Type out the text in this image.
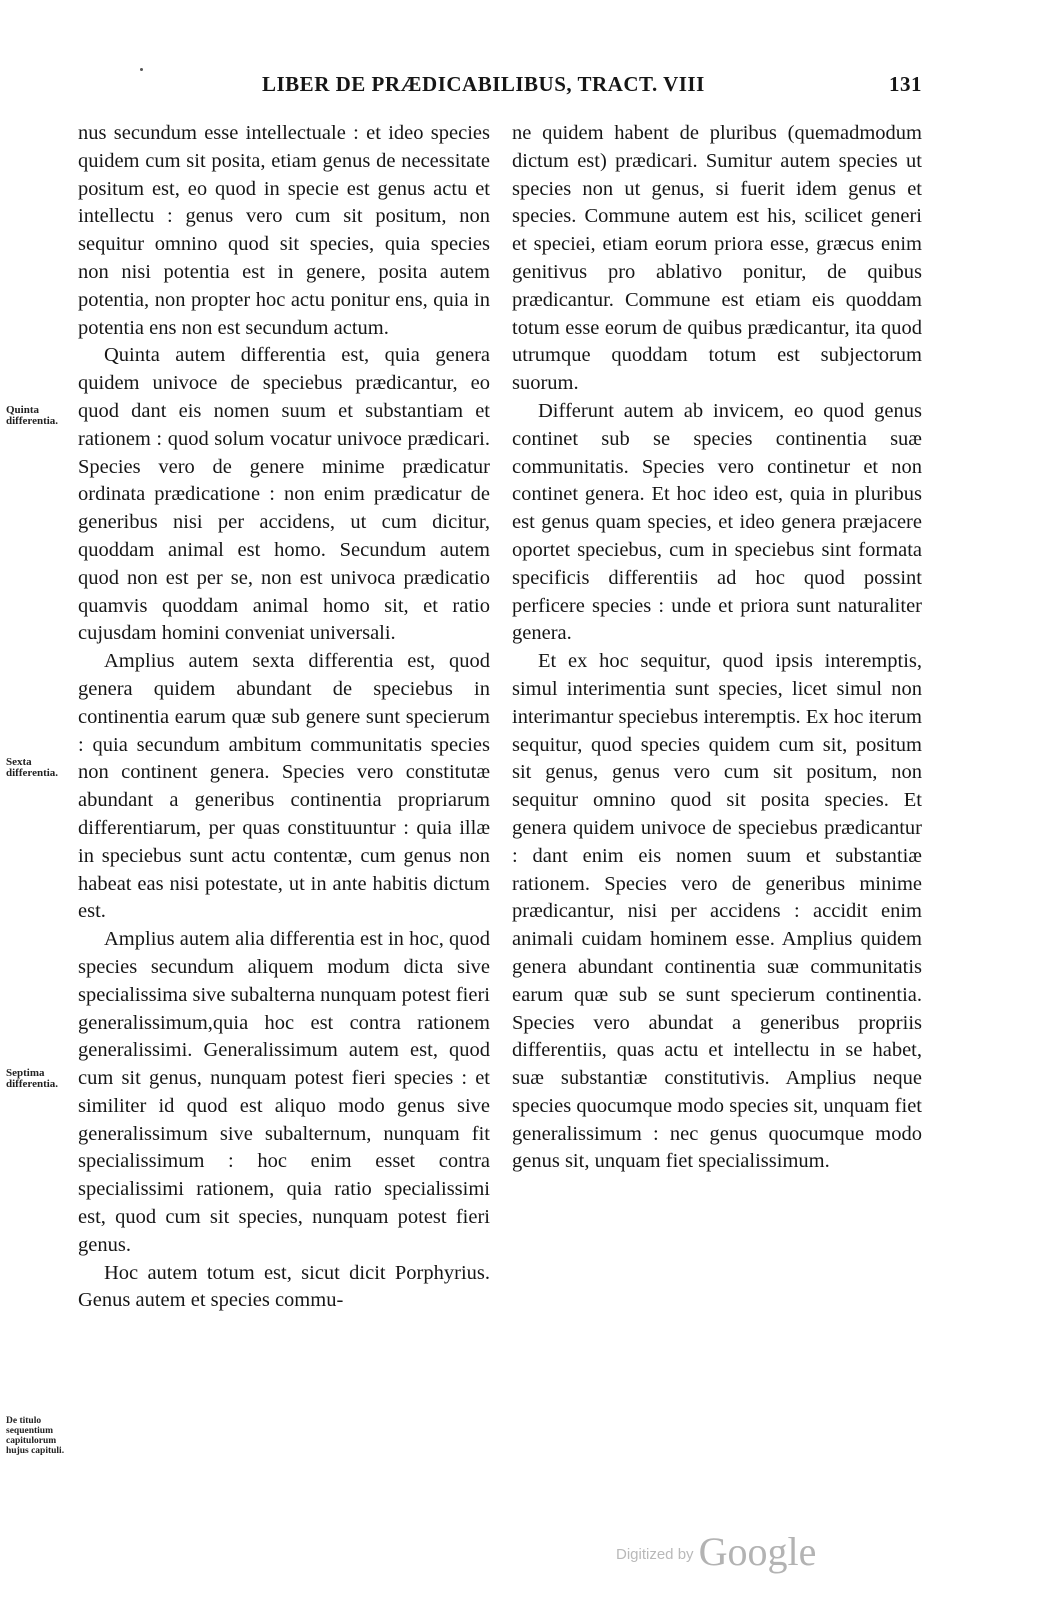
LIBER DE PRÆDICABILIBUS, TRACT. VIII	131
Quinta differentia.
Sexta differentia.
Septima differentia.
De titulo sequentium capitulorum hujus capituli.

nus secundum esse intellectuale : et ideo species quidem cum sit posita, etiam genus de necessitate positum est, eo quod in specie est genus actu et intellectu : genus vero cum sit positum, non sequitur omnino quod sit species, quia species non nisi potentia est in genere, posita autem potentia, non propter hoc actu ponitur ens, quia in potentia ens non est secundum actum.

Quinta autem differentia est, quia genera quidem univoce de speciebus prædicantur, eo quod dant eis nomen suum et substantiam et rationem : quod solum vocatur univoce prædicari. Species vero de genere minime prædicatur ordinata prædicatione : non enim prædicatur de generibus nisi per accidens, ut cum dicitur, quoddam animal est homo. Secundum autem quod non est per se, non est univoca prædicatio quamvis quoddam animal homo sit, et ratio cujusdam homini conveniat universali.

Amplius autem sexta differentia est, quod genera quidem abundant de speciebus in continentia earum quæ sub genere sunt specierum : quia secundum ambitum communitatis species non continent genera. Species vero constitutæ abundant a generibus continentia propriarum differentiarum, per quas constituuntur : quia illæ in speciebus sunt actu contentæ, cum genus non habeat eas nisi potestate, ut in ante habitis dictum est.

Amplius autem alia differentia est in hoc, quod species secundum aliquem modum dicta sive specialissima sive subalterna nunquam potest fieri generalissimum,quia hoc est contra rationem generalissimi. Generalissimum autem est, quod cum sit genus, nunquam potest fieri species : et similiter id quod est aliquo modo genus sive generalissimum sive subalternum, nunquam fit specialissimum : hoc enim esset contra specialissimi rationem, quia ratio specialissimi est, quod cum sit species, nunquam potest fieri genus.

Hoc autem totum est, sicut dicit Porphyrius. Genus autem et species commu-

ne quidem habent de pluribus (quemadmodum dictum est) prædicari. Sumitur autem species ut species non ut genus, si fuerit idem genus et species. Commune autem est his, scilicet generi et speciei, etiam eorum priora esse, græcus enim genitivus pro ablativo ponitur, de quibus prædicantur. Commune est etiam eis quoddam totum esse eorum de quibus prædicantur, ita quod utrumque quoddam totum est subjectorum suorum.

Differunt autem ab invicem, eo quod genus continet sub se species continentia suæ communitatis. Species vero continetur et non continet genera. Et hoc ideo est, quia in pluribus est genus quam species, et ideo genera præjacere oportet speciebus, cum in speciebus sint formata specificis differentiis ad hoc quod possint perficere species : unde et priora sunt naturaliter genera.

Et ex hoc sequitur, quod ipsis interemptis, simul interimentia sunt species, licet simul non interimantur speciebus interemptis. Ex hoc iterum sequitur, quod species quidem cum sit, positum sit genus, genus vero cum sit positum, non sequitur omnino quod sit posita species. Et genera quidem univoce de speciebus prædicantur : dant enim eis nomen suum et substantiæ rationem. Species vero de generibus minime prædicantur, nisi per accidens : accidit enim animali cuidam hominem esse. Amplius quidem genera abundant continentia suæ communitatis earum quæ sub se sunt specierum continentia. Species vero abundat a generibus propriis differentiis, quas actu et intellectu in se habet, suæ substantiæ constitutivis. Amplius neque species quocumque modo species sit, unquam fiet generalissimum : nec genus quocumque modo genus sit, unquam fiet specialissimum.

Digitized by Google
